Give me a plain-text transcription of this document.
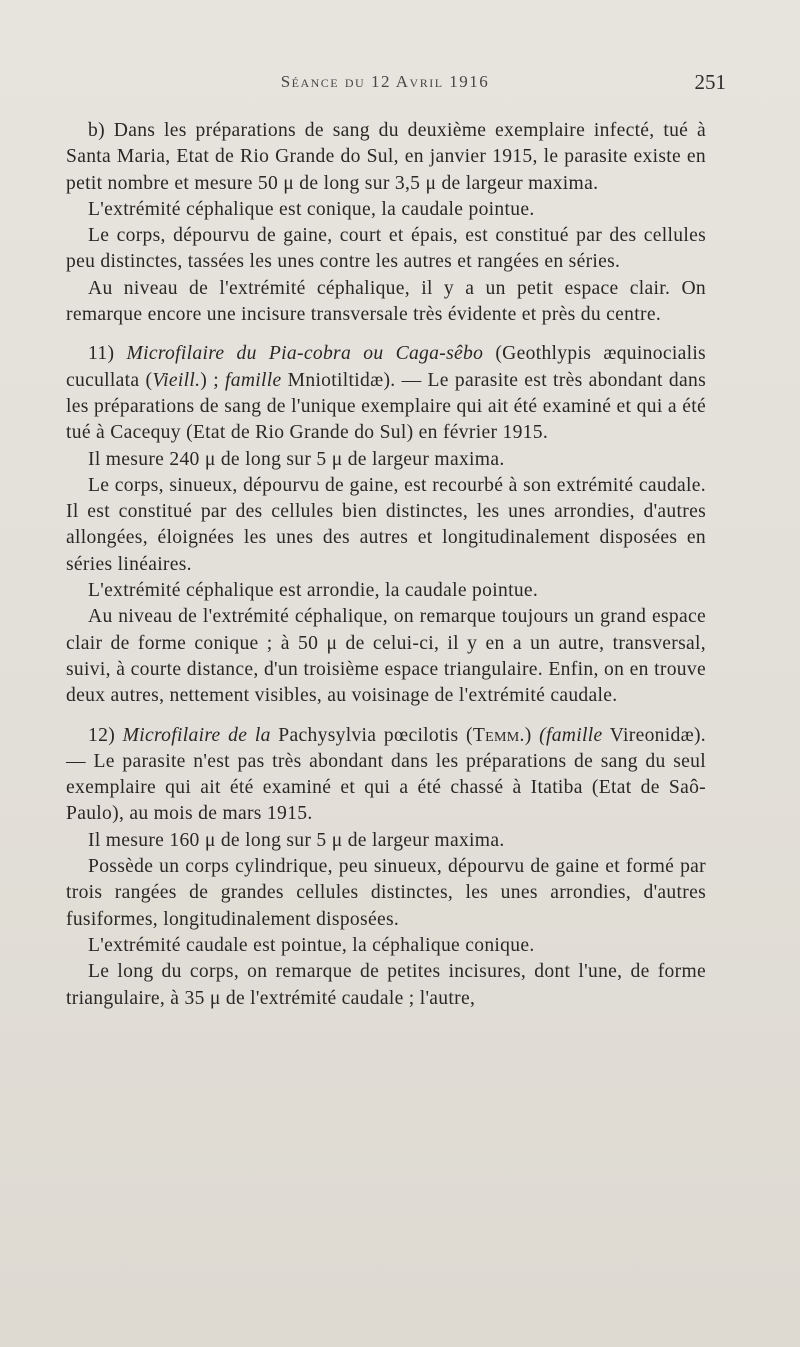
Séance du 12 Avril 1916	251

b) Dans les préparations de sang du deuxième exemplaire infecté, tué à Santa Maria, Etat de Rio Grande do Sul, en janvier 1915, le parasite existe en petit nombre et mesure 50 μ de long sur 3,5 μ de largeur maxima.

L'extrémité céphalique est conique, la caudale pointue.

Le corps, dépourvu de gaine, court et épais, est constitué par des cellules peu distinctes, tassées les unes contre les autres et rangées en séries.

Au niveau de l'extrémité céphalique, il y a un petit espace clair. On remarque encore une incisure transversale très évidente et près du centre.

11) Microfilaire du Pia-cobra ou Caga-sêbo (Geothlypis æquinocialis cucullata (Vieill.) ; famille Mniotiltidæ). — Le parasite est très abondant dans les préparations de sang de l'unique exemplaire qui ait été examiné et qui a été tué à Cacequy (Etat de Rio Grande do Sul) en février 1915.

Il mesure 240 μ de long sur 5 μ de largeur maxima.

Le corps, sinueux, dépourvu de gaine, est recourbé à son extrémité caudale. Il est constitué par des cellules bien distinctes, les unes arrondies, d'autres allongées, éloignées les unes des autres et longitudinalement disposées en séries linéaires.

L'extrémité céphalique est arrondie, la caudale pointue.

Au niveau de l'extrémité céphalique, on remarque toujours un grand espace clair de forme conique ; à 50 μ de celui-ci, il y en a un autre, transversal, suivi, à courte distance, d'un troisième espace triangulaire. Enfin, on en trouve deux autres, nettement visibles, au voisinage de l'extrémité caudale.

12) Microfilaire de la Pachysylvia pœcilotis (Temm.) (famille Vireonidæ). — Le parasite n'est pas très abondant dans les préparations de sang du seul exemplaire qui ait été examiné et qui a été chassé à Itatiba (Etat de Saô-Paulo), au mois de mars 1915.

Il mesure 160 μ de long sur 5 μ de largeur maxima.

Possède un corps cylindrique, peu sinueux, dépourvu de gaine et formé par trois rangées de grandes cellules distinctes, les unes arrondies, d'autres fusiformes, longitudinalement disposées.

L'extrémité caudale est pointue, la céphalique conique.

Le long du corps, on remarque de petites incisures, dont l'une, de forme triangulaire, à 35 μ de l'extrémité caudale ; l'autre,
